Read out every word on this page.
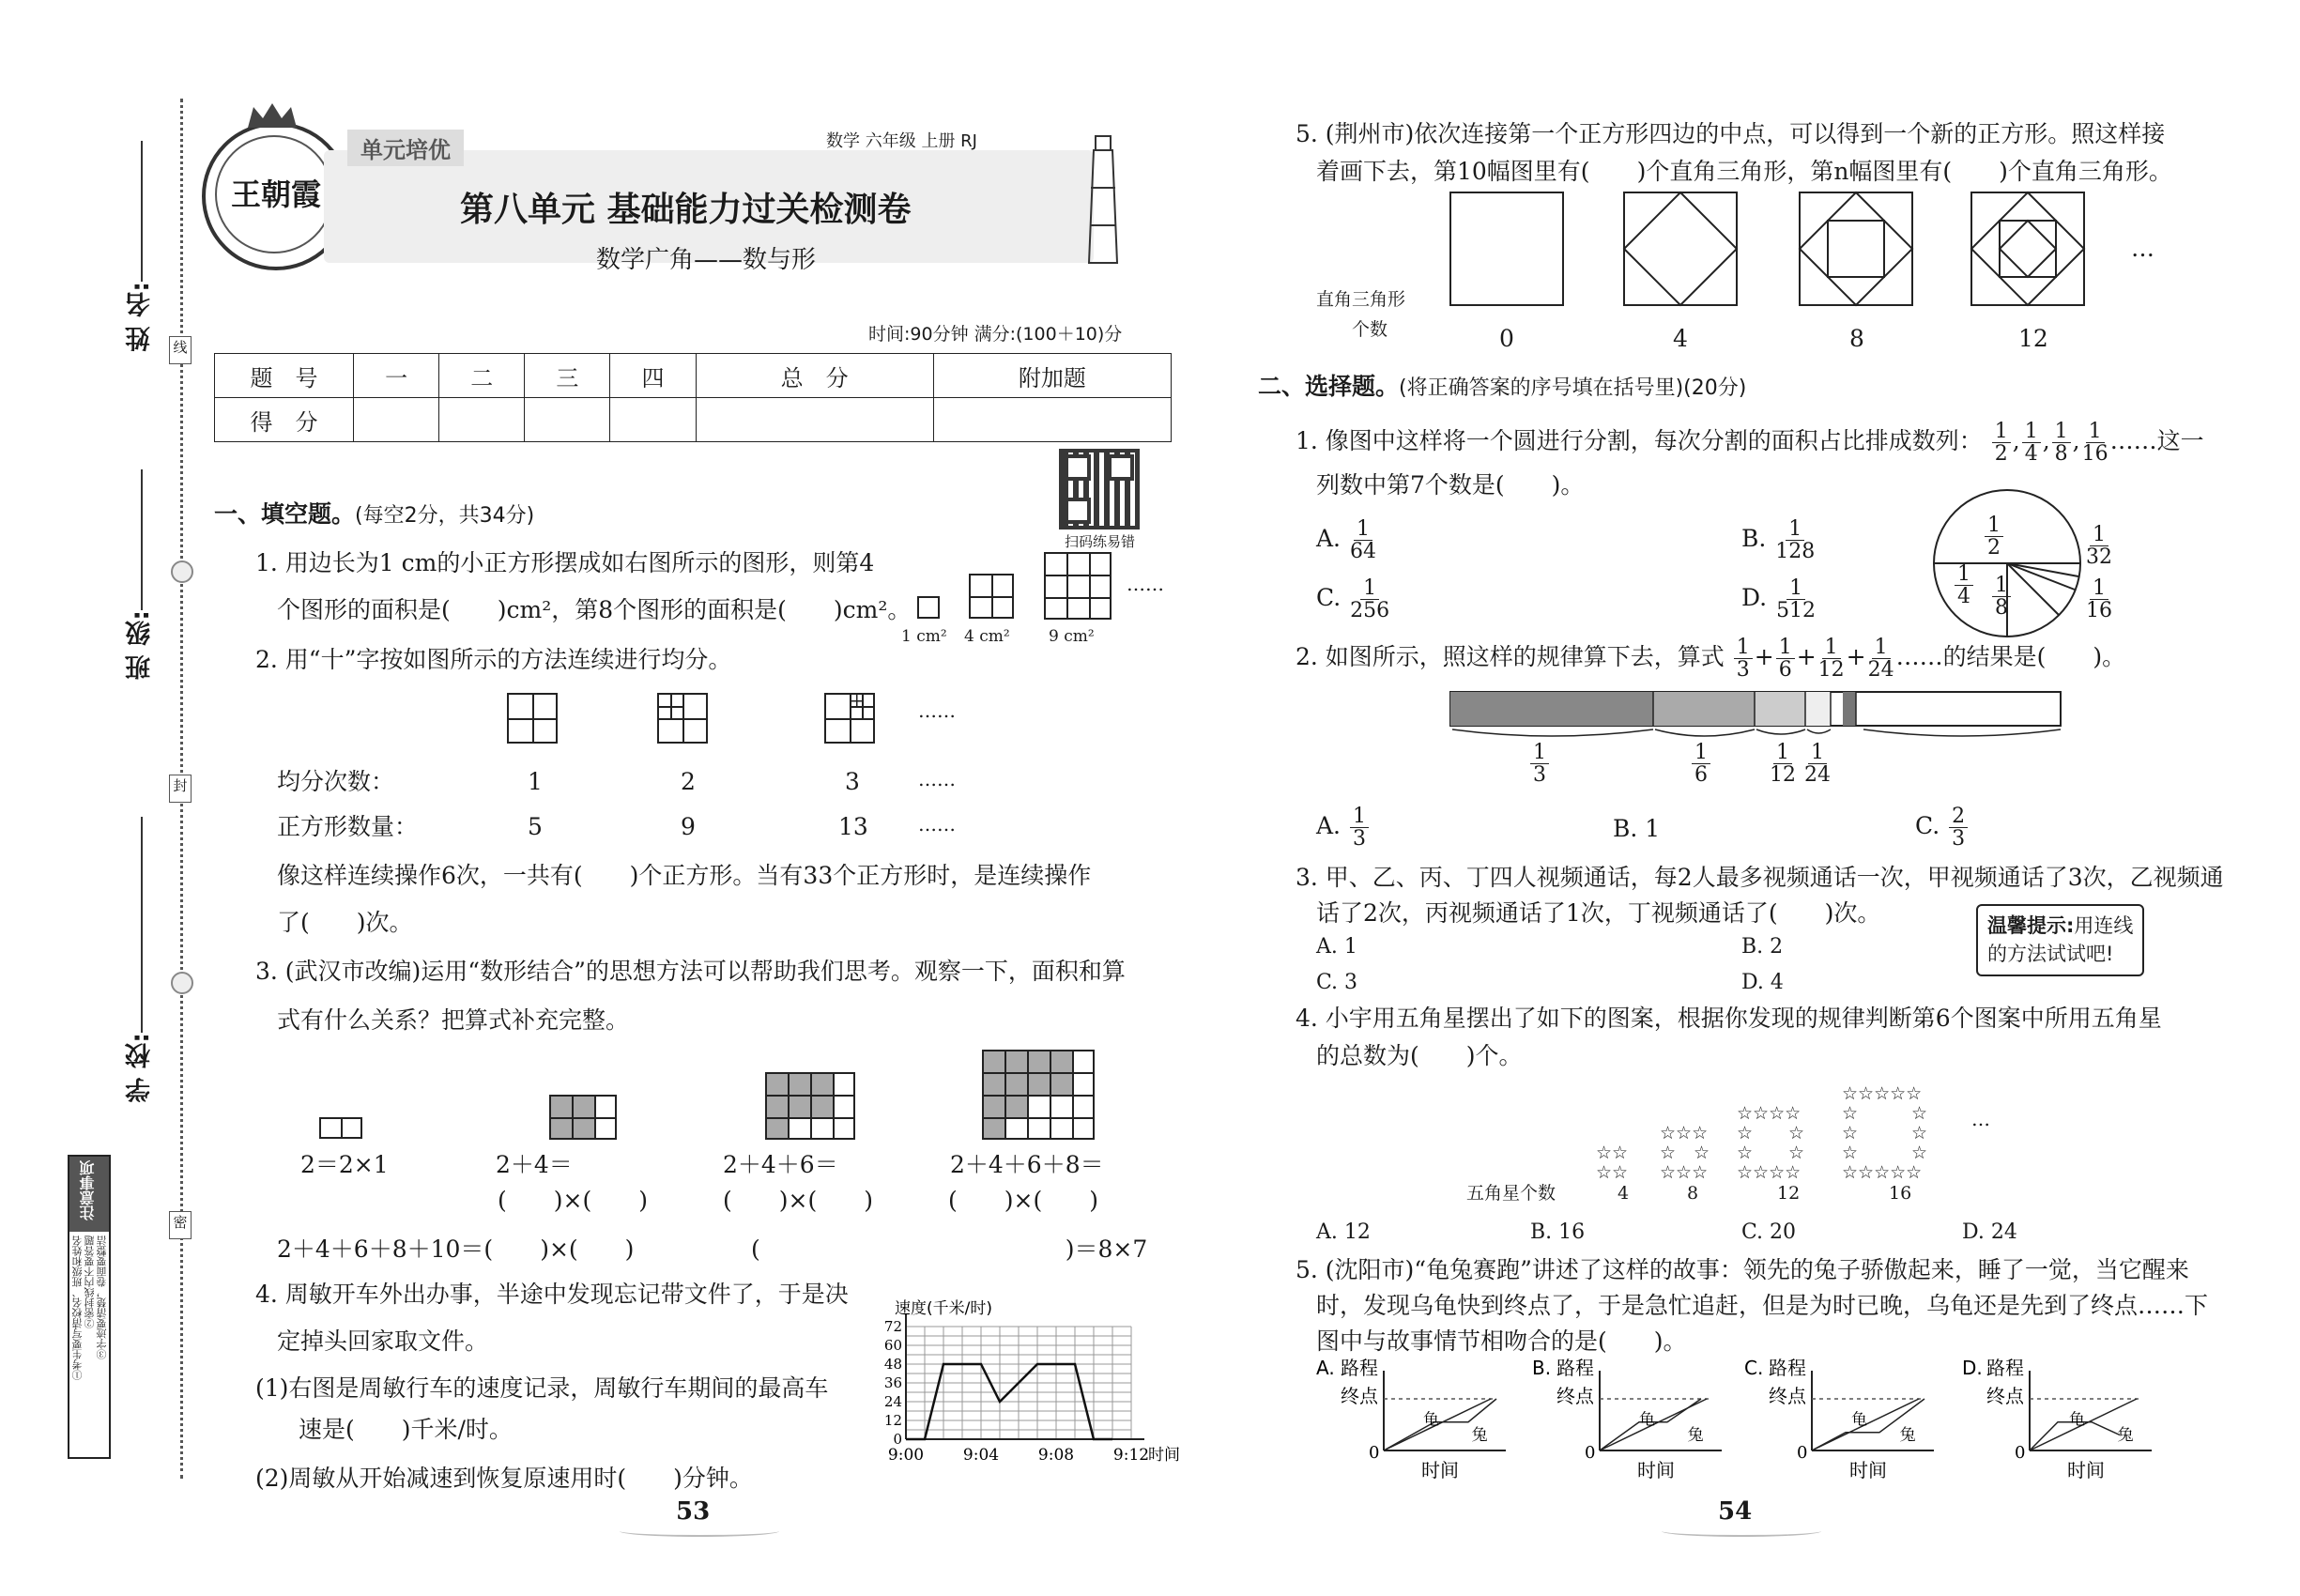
线
封
密
姓 名:
班 级:
学 校:
注意事项
①考生要写清校名、班级和姓名 ②密封线内不要答题 ③字迹要清楚，卷面要整洁
王朝霞
单元培优	数学 六年级 上册 RJ
第八单元 基础能力过关检测卷
数学广角——数与形
时间:90分钟 满分:(100＋10)分
题　号	一	二	三	四	总　分	附加题
得　分						
扫码练易错
一、填空题。(每空2分，共34分)
1. 用边长为1 cm的小正方形摆成如右图所示的图形，则第4
个图形的面积是(　　)cm²，第8个图形的面积是(　　)cm²。
……
1 cm² 4 cm² 9 cm²
2. 用“十”字按如图所示的方法连续进行均分。
……
均分次数：	1	2	3	……
正方形数量：	5	9	13	……
像这样连续操作6次，一共有(　　)个正方形。当有33个正方形时，是连续操作
了(　　)次。
3. (武汉市改编)运用“数形结合”的思想方法可以帮助我们思考。观察一下，面积和算
式有什么关系？把算式补充完整。
2＝2×1	2＋4＝	2＋4＋6＝	2＋4＋6＋8＝
(　　)×(　　)	(　　)×(　　)	(　　)×(　　)
2＋4＋6＋8＋10＝(　　)×(　　)	(　　　　　　　　　　　　　)＝8×7
4. 周敏开车外出办事，半途中发现忘记带文件了，于是决
定掉头回家取文件。
(1)右图是周敏行车的速度记录，周敏行车期间的最高车
速是(　　)千米/时。
(2)周敏从开始减速到恢复原速用时(　　)分钟。
0
12
24
36
48
60
72
9:00 9:04 9:08 9:12
速度(千米/时)
时间
53
5. (荆州市)依次连接第一个正方形四边的中点，可以得到一个新的正方形。照这样接
着画下去，第10幅图里有(　　)个直角三角形，第n幅图里有(　　)个直角三角形。
直角三角形
个数	0	4	8	12
…
二、选择题。(将正确答案的序号填在括号里)(20分)
1. 像图中这样将一个圆进行分割，每次分割的面积占比排成数列： $\frac{1}{2}$ , $\frac{1}{4}$ , $\frac{1}{8}$ , $\frac{1}{16}$ ……这一
列数中第7个数是(　　)。
A. $\frac{1}{64}$	B. $\frac{1}{128}$
C. $\frac{1}{256}$	D. $\frac{1}{512}$
$\frac{1}{2}$	$\frac{1}{32}$
$\frac{1}{4} \frac{1}{8}$	$\frac{1}{16}$
2. 如图所示，照这样的规律算下去，算式 $\frac{1}{3} + \frac{1}{6} + \frac{1}{12} + \frac{1}{24}$ ……的结果是(　　)。
$\frac{1}{3}$	$\frac{1}{6}$	$\frac{1}{12} \frac{1}{24}$
A. $\frac{1}{3}$	B. 1	C. $\frac{2}{3}$
3. 甲、乙、丙、丁四人视频通话，每2人最多视频通话一次，甲视频通话了3次，乙视频通
话了2次，丙视频通话了1次，丁视频通话了(　　)次。
A. 1	B. 2
C. 3	D. 4
温馨提示:用连线
的方法试试吧!
4. 小宇用五角星摆出了如下的图案，根据你发现的规律判断第6个图案中所用五角星
的总数为(　　)个。
☆☆
☆☆
☆☆☆
☆　☆
☆☆☆
☆☆☆☆
☆　　☆
☆　　☆
☆☆☆☆
☆☆☆☆☆
☆　　　☆
☆　　　☆
☆　　　☆
☆☆☆☆☆
…
五角星个数	4	8	12	16
A. 12	B. 16	C. 20	D. 24
5. (沈阳市)“龟兔赛跑”讲述了这样的故事：领先的兔子骄傲起来，睡了一觉，当它醒来
时，发现乌龟快到终点了，于是急忙追赶，但是为时已晚，乌龟还是先到了终点……下
图中与故事情节相吻合的是(　　)。
A. 路程
终点
0
时间
龟
兔
B. 路程
终点
0
时间
龟
兔
C. 路程
终点
0
时间
龟
兔
D. 路程
终点
0
时间
龟
兔
54
